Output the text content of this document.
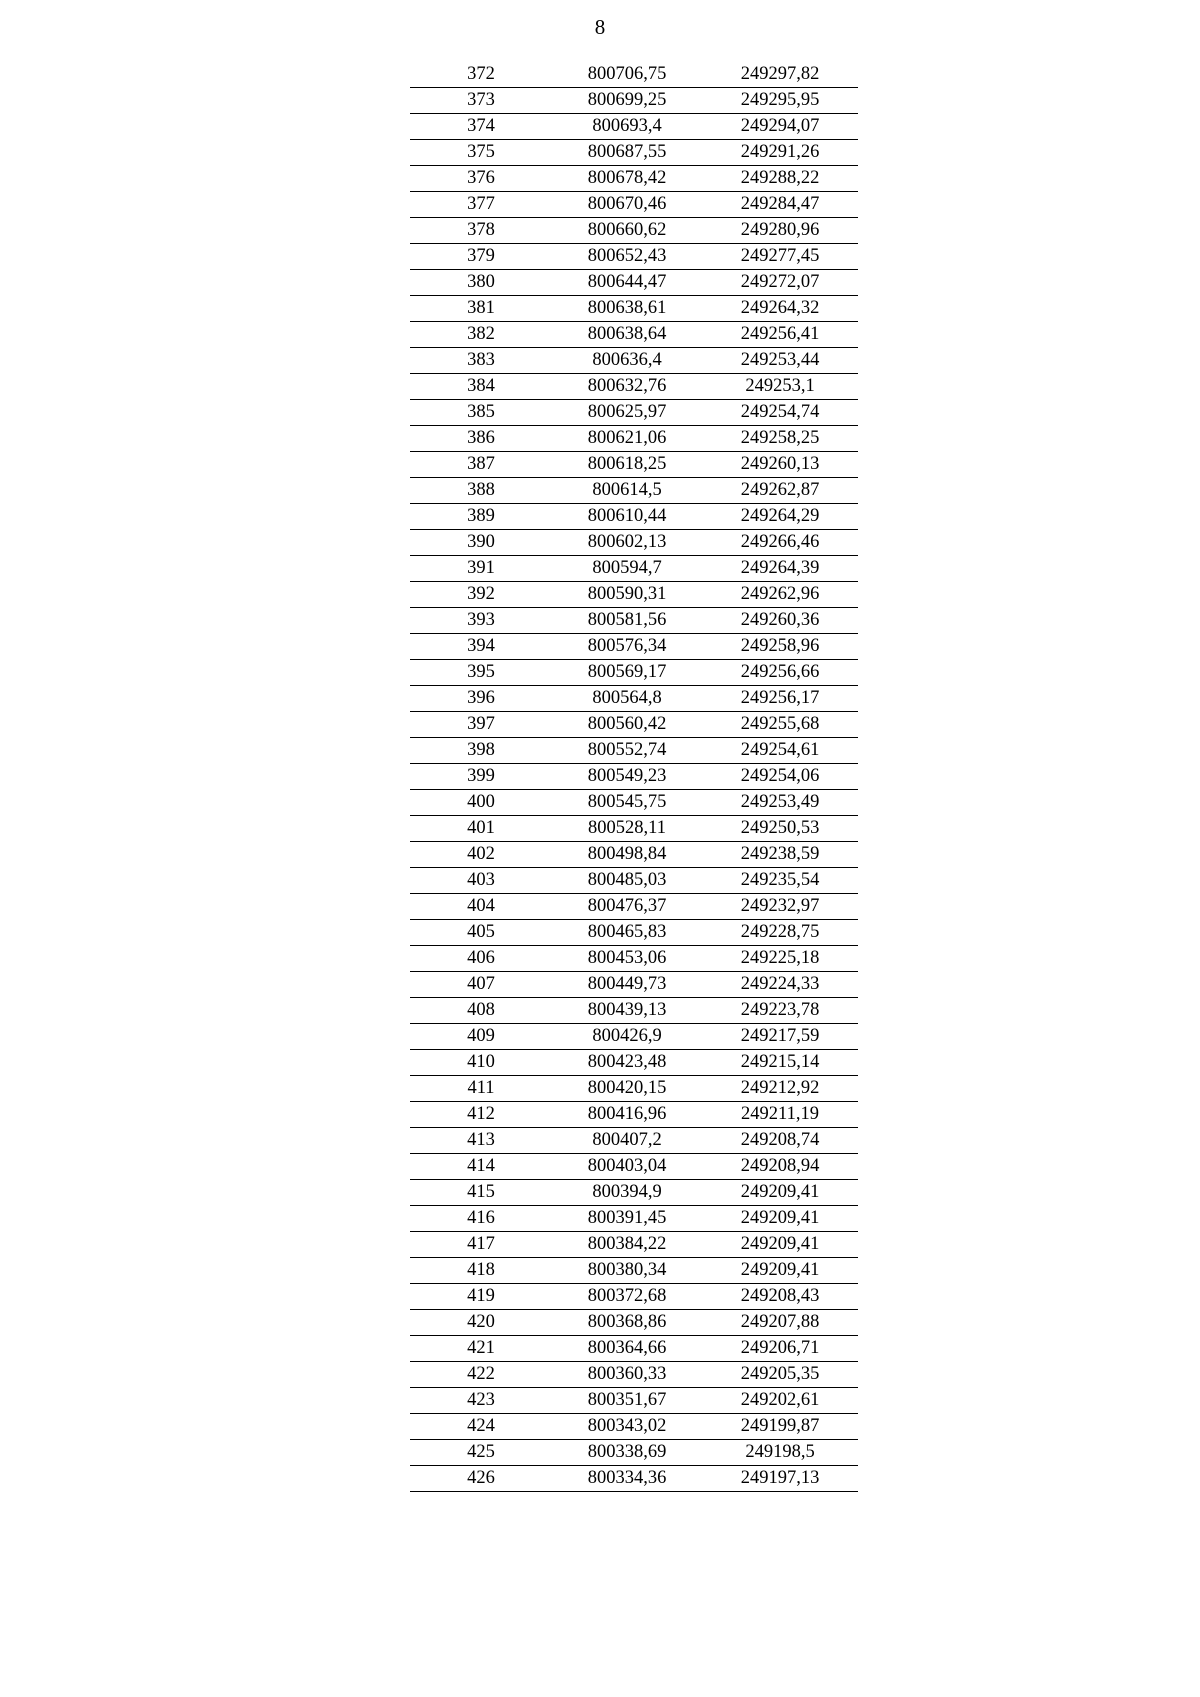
8
372	800706,75	249297,82
373	800699,25	249295,95
374	800693,4	249294,07
375	800687,55	249291,26
376	800678,42	249288,22
377	800670,46	249284,47
378	800660,62	249280,96
379	800652,43	249277,45
380	800644,47	249272,07
381	800638,61	249264,32
382	800638,64	249256,41
383	800636,4	249253,44
384	800632,76	249253,1
385	800625,97	249254,74
386	800621,06	249258,25
387	800618,25	249260,13
388	800614,5	249262,87
389	800610,44	249264,29
390	800602,13	249266,46
391	800594,7	249264,39
392	800590,31	249262,96
393	800581,56	249260,36
394	800576,34	249258,96
395	800569,17	249256,66
396	800564,8	249256,17
397	800560,42	249255,68
398	800552,74	249254,61
399	800549,23	249254,06
400	800545,75	249253,49
401	800528,11	249250,53
402	800498,84	249238,59
403	800485,03	249235,54
404	800476,37	249232,97
405	800465,83	249228,75
406	800453,06	249225,18
407	800449,73	249224,33
408	800439,13	249223,78
409	800426,9	249217,59
410	800423,48	249215,14
411	800420,15	249212,92
412	800416,96	249211,19
413	800407,2	249208,74
414	800403,04	249208,94
415	800394,9	249209,41
416	800391,45	249209,41
417	800384,22	249209,41
418	800380,34	249209,41
419	800372,68	249208,43
420	800368,86	249207,88
421	800364,66	249206,71
422	800360,33	249205,35
423	800351,67	249202,61
424	800343,02	249199,87
425	800338,69	249198,5
426	800334,36	249197,13
